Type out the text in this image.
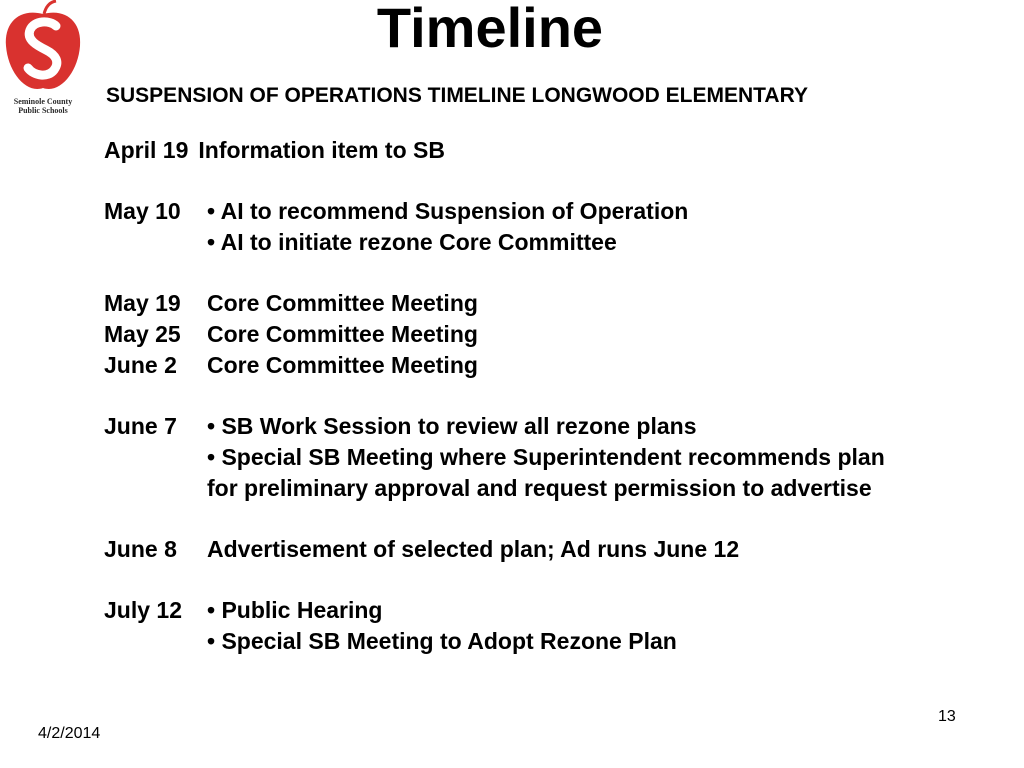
Seminole County
Public Schools
Timeline
SUSPENSION OF OPERATIONS TIMELINE LONGWOOD ELEMENTARY
April 19 Information item to SB
May 10 • AI to recommend Suspension of Operation
• AI to initiate rezone Core Committee
May 19 Core Committee Meeting
May 25 Core Committee Meeting
June 2 Core Committee Meeting
June 7 • SB Work Session to review all rezone plans
• Special SB Meeting where Superintendent recommends plan
for preliminary approval and request permission to advertise
June 8 Advertisement of selected plan; Ad runs June 12
July 12 • Public Hearing
• Special SB Meeting to Adopt Rezone Plan
4/2/2014
13
